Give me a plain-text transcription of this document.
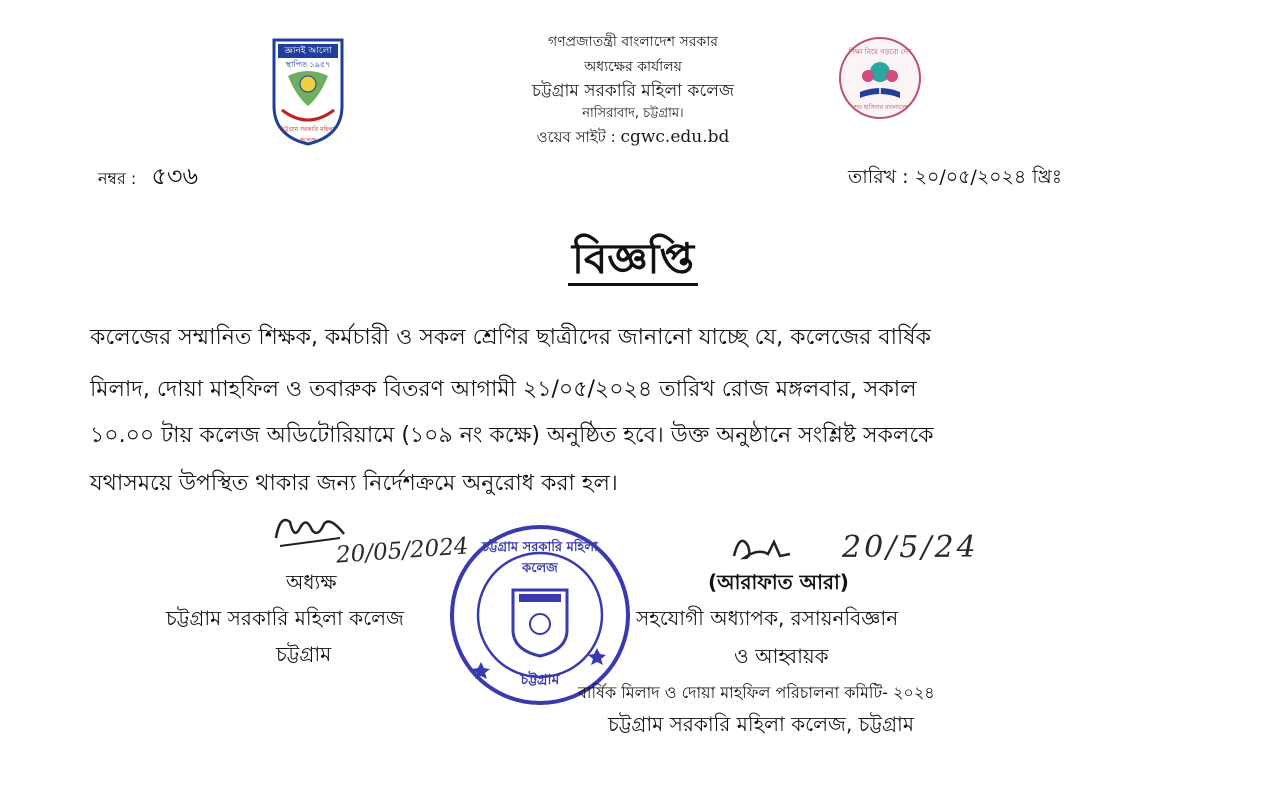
জ্ঞানই আলো
স্থাপিত ১৯৫৭
চট্টগ্রাম সরকারি মহিলা কলেজ
শিক্ষা নিয়ে গড়বো দেশ
শেখ হাসিনার বাংলাদেশ
গণপ্রজাতন্ত্রী বাংলাদেশ সরকার
অধ্যক্ষের কার্যালয়
চট্টগ্রাম সরকারি মহিলা কলেজ
নাসিরাবাদ, চট্টগ্রাম।
ওয়েব সাইট : cgwc.edu.bd
নম্বর : ৫৩৬	তারিখ : ২০/০৫/২০২৪ খ্রিঃ
বিজ্ঞপ্তি
কলেজের সম্মানিত শিক্ষক, কর্মচারী ও সকল শ্রেণির ছাত্রীদের জানানো যাচ্ছে যে, কলেজের বার্ষিক
মিলাদ, দোয়া মাহফিল ও তবারুক বিতরণ আগামী ২১/০৫/২০২৪ তারিখ রোজ মঙ্গলবার, সকাল
১০.০০ টায় কলেজ অডিটোরিয়ামে (১০৯ নং কক্ষে) অনুষ্ঠিত হবে। উক্ত অনুষ্ঠানে সংশ্লিষ্ট সকলকে
যথাসময়ে উপস্থিত থাকার জন্য নির্দেশক্রমে অনুরোধ করা হল।
20/05/2024
অধ্যক্ষ
চট্টগ্রাম সরকারি মহিলা কলেজ
চট্টগ্রাম
চট্টগ্রাম সরকারি মহিলা কলেজ
চট্টগ্রাম
20/5/24
(আরাফাত আরা)
সহযোগী অধ্যাপক, রসায়নবিজ্ঞান
ও আহ্বায়ক
বার্ষিক মিলাদ ও দোয়া মাহফিল পরিচালনা কমিটি- ২০২৪
চট্টগ্রাম সরকারি মহিলা কলেজ, চট্টগ্রাম
